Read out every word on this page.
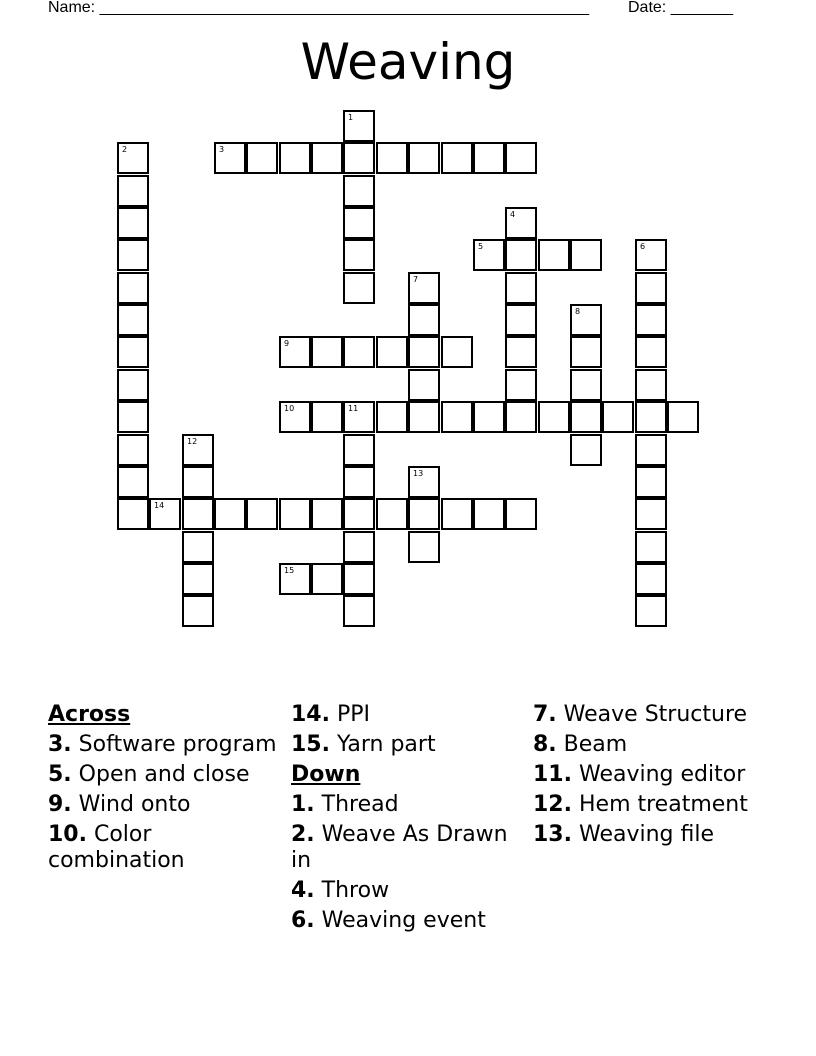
Name: _______________________________________________________ Date: _______
Weaving
1
2	3
4
5	6
7
8
9
10	11
12
13
14
15
Across
3. Software program
5. Open and close
9. Wind onto
10. Color combination
14. PPI
15. Yarn part
Down
1. Thread
2. Weave As Drawn in
4. Throw
6. Weaving event
7. Weave Structure
8. Beam
11. Weaving editor
12. Hem treatment
13. Weaving file
